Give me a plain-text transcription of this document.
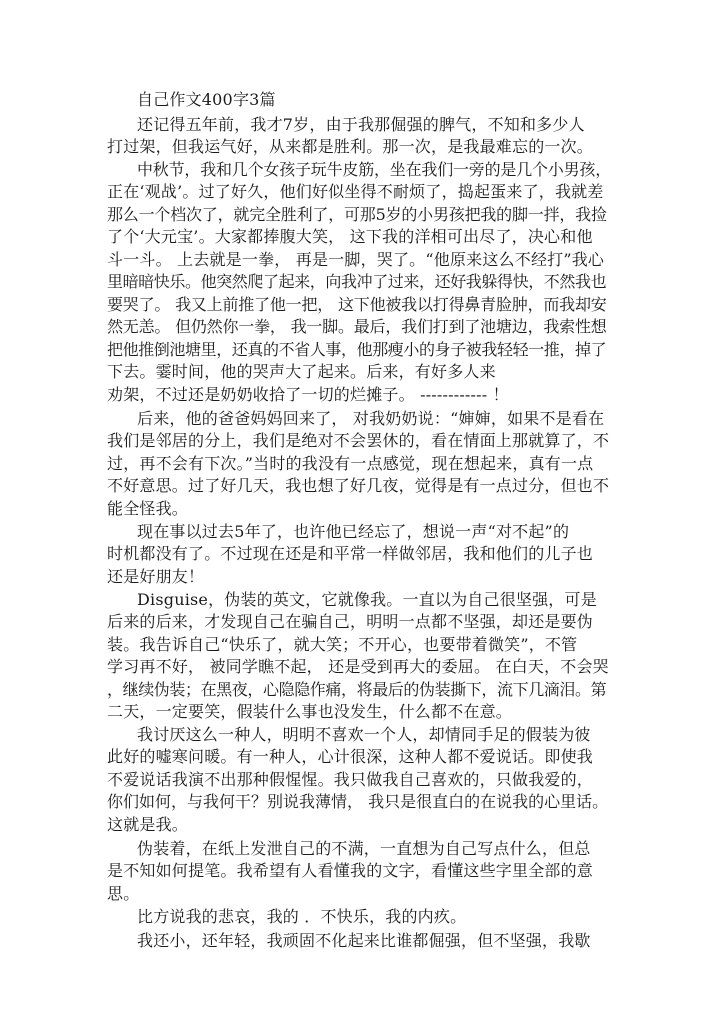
自己作文400字3篇
还记得五年前，我才7岁，由于我那倔强的脾气，不知和多少人
打过架，但我运气好，从来都是胜利。那一次，是我最难忘的一次。
中秋节，我和几个女孩子玩牛皮筋，坐在我们一旁的是几个小男孩，
正在‘观战’。过了好久，他们好似坐得不耐烦了，捣起蛋来了，我就差
那么一个档次了，就完全胜利了，可那5岁的小男孩把我的脚一拌，我捡
了个‘大元宝’。大家都捧腹大笑， 这下我的洋相可出尽了，决心和他
斗一斗。 上去就是一拳， 再是一脚，哭了。“他原来这么不经打”我心
里暗暗快乐。他突然爬了起来，向我冲了过来，还好我躲得快，不然我也
要哭了。 我又上前推了他一把， 这下他被我以打得鼻青脸肿，而我却安
然无恙。 但仍然你一拳， 我一脚。最后，我们打到了池塘边，我索性想
把他推倒池塘里，还真的不省人事，他那瘦小的身子被我轻轻一推，掉了
下去。霎时间，他的哭声大了起来。后来，有好多人来
劝架，不过还是奶奶收拾了一切的烂摊子。 ------------ ！
后来，他的爸爸妈妈回来了， 对我奶奶说：“婶婶，如果不是看在
我们是邻居的分上，我们是绝对不会罢休的，看在情面上那就算了，不
过，再不会有下次。”当时的我没有一点感觉，现在想起来，真有一点
不好意思。过了好几天，我也想了好几夜，觉得是有一点过分，但也不
能全怪我。
现在事以过去5年了，也许他已经忘了，想说一声“对不起”的
时机都没有了。不过现在还是和平常一样做邻居，我和他们的儿子也
还是好朋友！
Disguise，伪装的英文，它就像我。一直以为自己很坚强，可是
后来的后来，才发现自己在骗自己，明明一点都不坚强，却还是要伪
装。我告诉自己“快乐了，就大笑；不开心，也要带着微笑”，不管
学习再不好， 被同学瞧不起， 还是受到再大的委屈。 在白天，不会哭
，继续伪装；在黑夜，心隐隐作痛，将最后的伪装撕下，流下几滴泪。第
二天，一定要笑，假装什么事也没发生，什么都不在意。
我讨厌这么一种人，明明不喜欢一个人，却情同手足的假装为彼
此好的嘘寒问暖。有一种人，心计很深，这种人都不爱说话。即使我
不爱说话我演不出那种假惺惺。我只做我自己喜欢的，只做我爱的，
你们如何，与我何干？别说我薄情， 我只是很直白的在说我的心里话。
这就是我。
伪装着，在纸上发泄自己的不满，一直想为自己写点什么，但总
是不知如何提笔。我希望有人看懂我的文字，看懂这些字里全部的意
思。
比方说我的悲哀，我的 ．不快乐，我的内疚。
我还小，还年轻，我顽固不化起来比谁都倔强，但不坚强，我歇
